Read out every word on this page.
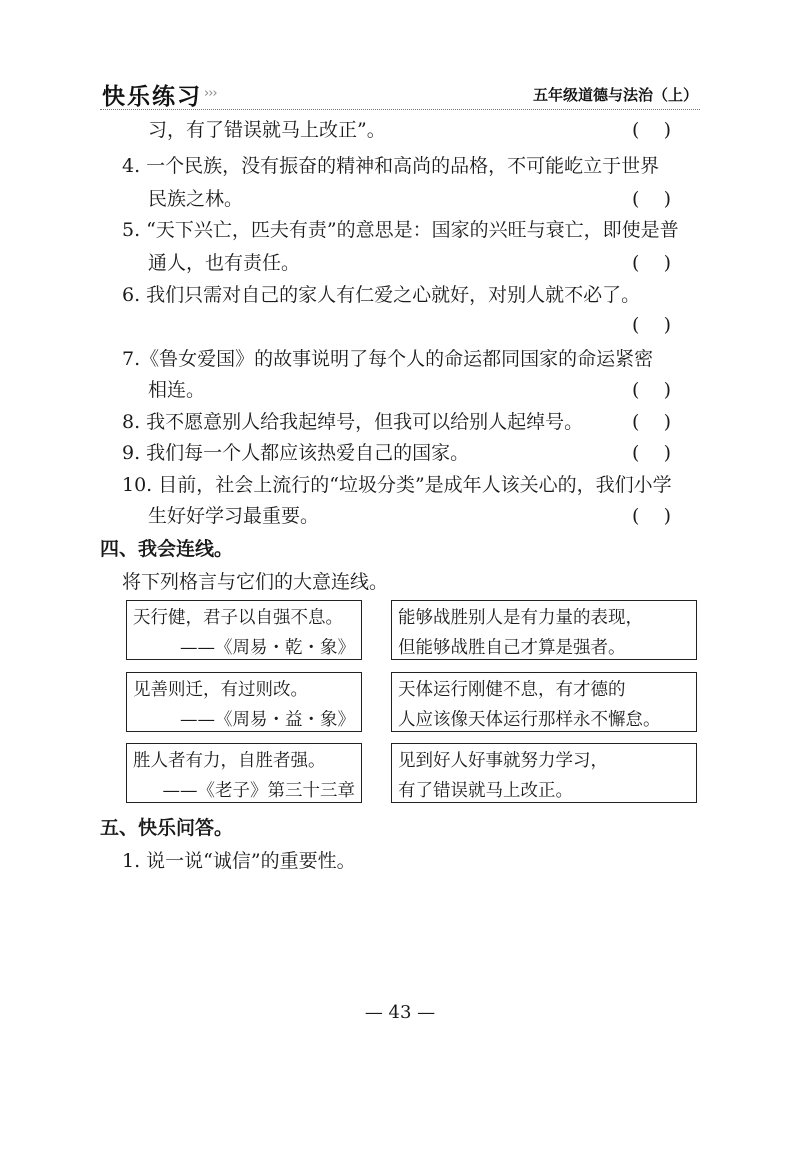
快乐练习 ›››	五年级道德与法治（上）
习，有了错误就马上改正”。	(    )
4. 一个民族，没有振奋的精神和高尚的品格，不可能屹立于世界
民族之林。	(    )
5. “天下兴亡，匹夫有责”的意思是：国家的兴旺与衰亡，即使是普
通人，也有责任。	(    )
6. 我们只需对自己的家人有仁爱之心就好，对别人就不必了。
(    )
7.《鲁女爱国》的故事说明了每个人的命运都同国家的命运紧密
相连。	(    )
8. 我不愿意别人给我起绰号，但我可以给别人起绰号。	(    )
9. 我们每一个人都应该热爱自己的国家。	(    )
10. 目前，社会上流行的“垃圾分类”是成年人该关心的，我们小学
生好好学习最重要。	(    )
四、我会连线。
将下列格言与它们的大意连线。
天行健，君子以自强不息。
——《周易・乾・象》
见善则迁，有过则改。
——《周易・益・象》
胜人者有力，自胜者强。
——《老子》第三十三章
能够战胜别人是有力量的表现，
但能够战胜自己才算是强者。
天体运行刚健不息，有才德的
人应该像天体运行那样永不懈怠。
见到好人好事就努力学习，
有了错误就马上改正。
五、快乐问答。
1. 说一说“诚信”的重要性。
— 43 —
